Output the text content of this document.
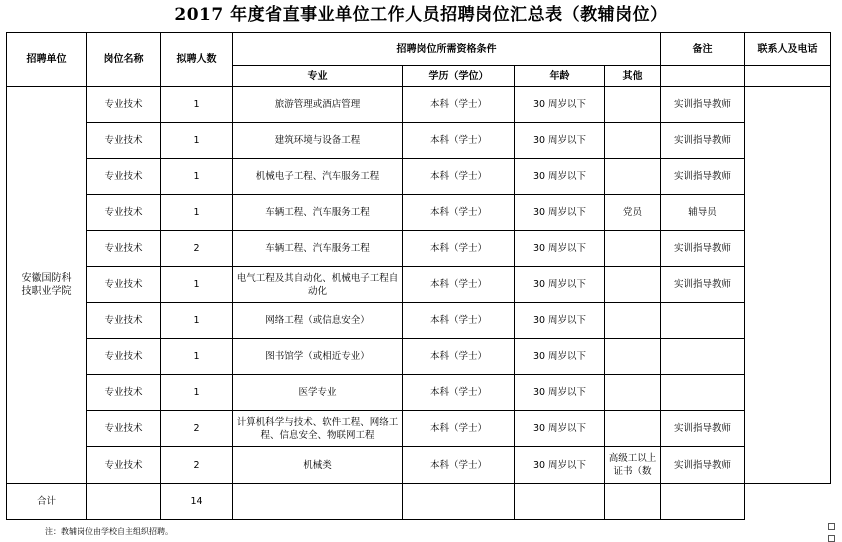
2017 年度省直事业单位工作人员招聘岗位汇总表（教辅岗位）
招聘单位	岗位名称	拟聘人数	招聘岗位所需资格条件				备注	联系人及电话
			专业	学历（学位）	年龄	其他		
安徽国防科技职业学院	专业技术	1	旅游管理或酒店管理	本科（学士）	30 周岁以下		实训指导教师	
	专业技术	1	建筑环境与设备工程	本科（学士）	30 周岁以下		实训指导教师	
	专业技术	1	机械电子工程、汽车服务工程	本科（学士）	30 周岁以下		实训指导教师	
	专业技术	1	车辆工程、汽车服务工程	本科（学士）	30 周岁以下	党员	辅导员	
	专业技术	2	车辆工程、汽车服务工程	本科（学士）	30 周岁以下		实训指导教师	
	专业技术	1	电气工程及其自动化、机械电子工程自动化	本科（学士）	30 周岁以下		实训指导教师	
	专业技术	1	网络工程（或信息安全）	本科（学士）	30 周岁以下			
	专业技术	1	图书馆学（或相近专业）	本科（学士）	30 周岁以下			
	专业技术	1	医学专业	本科（学士）	30 周岁以下			
	专业技术	2	计算机科学与技术、软件工程、网络工程、信息安全、物联网工程	本科（学士）	30 周岁以下		实训指导教师	
	专业技术	2	机械类	本科（学士）	30 周岁以下	高级工以上证书（数	实训指导教师	
合计		14						
注：教辅岗位由学校自主组织招聘。
